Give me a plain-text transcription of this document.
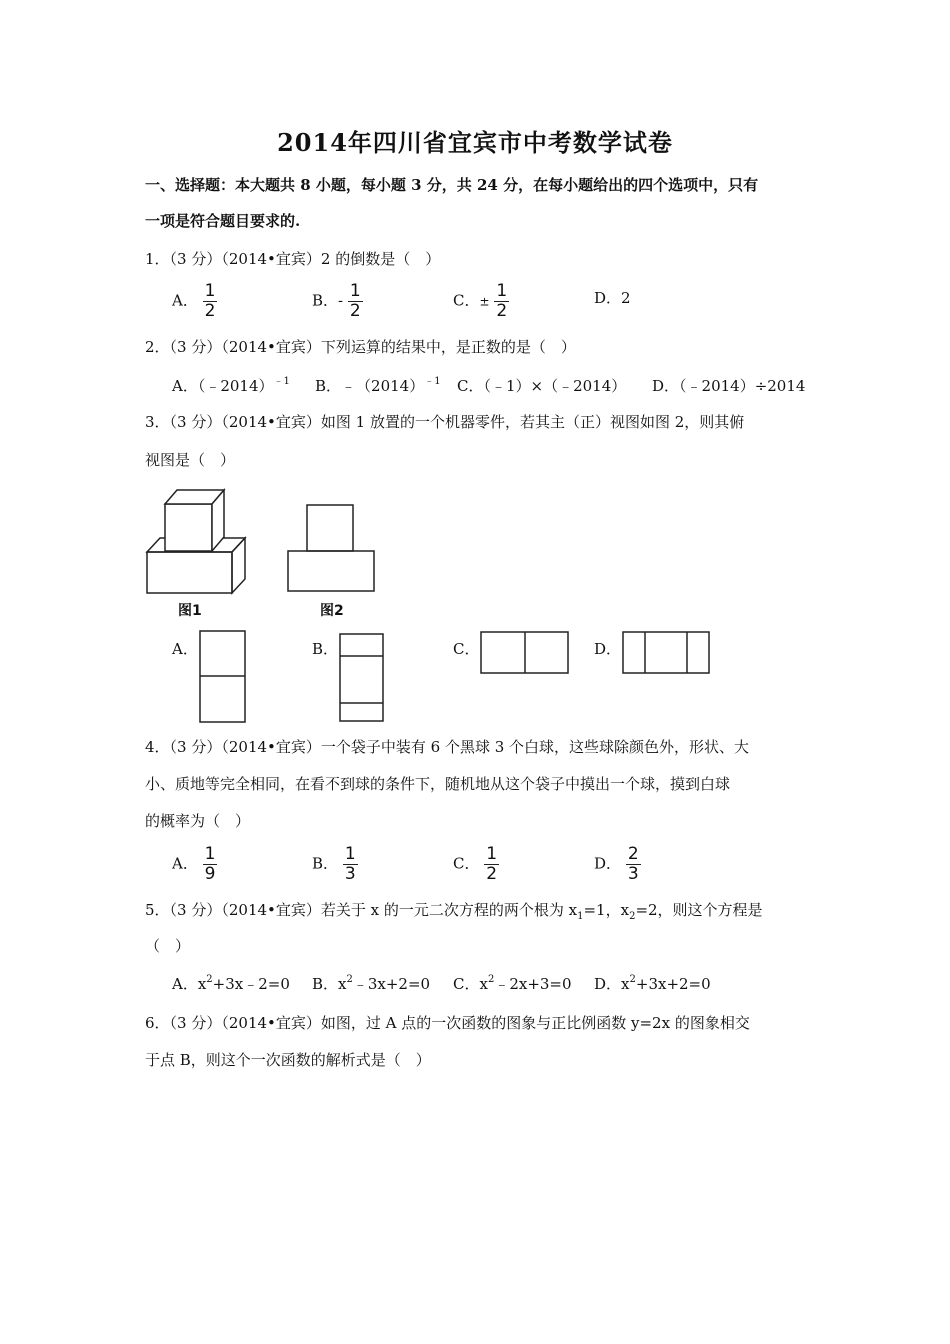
2014年四川省宜宾市中考数学试卷
一、选择题：本大题共 8 小题，每小题 3 分，共 24 分，在每小题给出的四个选项中，只有
一项是符合题目要求的.
1．（3 分）（2014•宜宾）2 的倒数是（　）
A． $\frac{1}{2}$	B．- $\frac{1}{2}$	C．± $\frac{1}{2}$	D．2
2．（3 分）（2014•宜宾）下列运算的结果中，是正数的是（　）
A．（﹣2014）$^{﹣1}$ B．$﹣(2014)^{﹣1}$ C．（﹣1）×（﹣2014） D．（﹣2014）÷2014
3．（3 分）（2014•宜宾）如图 1 放置的一个机器零件，若其主（正）视图如图 2，则其俯
视图是（　）
图1	图2
A．	B．	C．	D．
4．（3 分）（2014•宜宾）一个袋子中装有 6 个黑球 3 个白球，这些球除颜色外，形状、大
小、质地等完全相同，在看不到球的条件下，随机地从这个袋子中摸出一个球，摸到白球
的概率为（　）
A． $\frac{1}{9}$	B． $\frac{1}{3}$	C． $\frac{1}{2}$	D． $\frac{2}{3}$
5．（3 分）（2014•宜宾）若关于 x 的一元二次方程的两个根为 $x_1=1$，$x_2=2$，则这个方程是
（　）
A．$x^2+3x﹣2=0$ B．$x^2﹣3x+2=0$ C．$x^2﹣2x+3=0$ D．$x^2+3x+2=0$
6．（3 分）（2014•宜宾）如图，过 A 点的一次函数的图象与正比例函数 y=2x 的图象相交
于点 B，则这个一次函数的解析式是（　）
